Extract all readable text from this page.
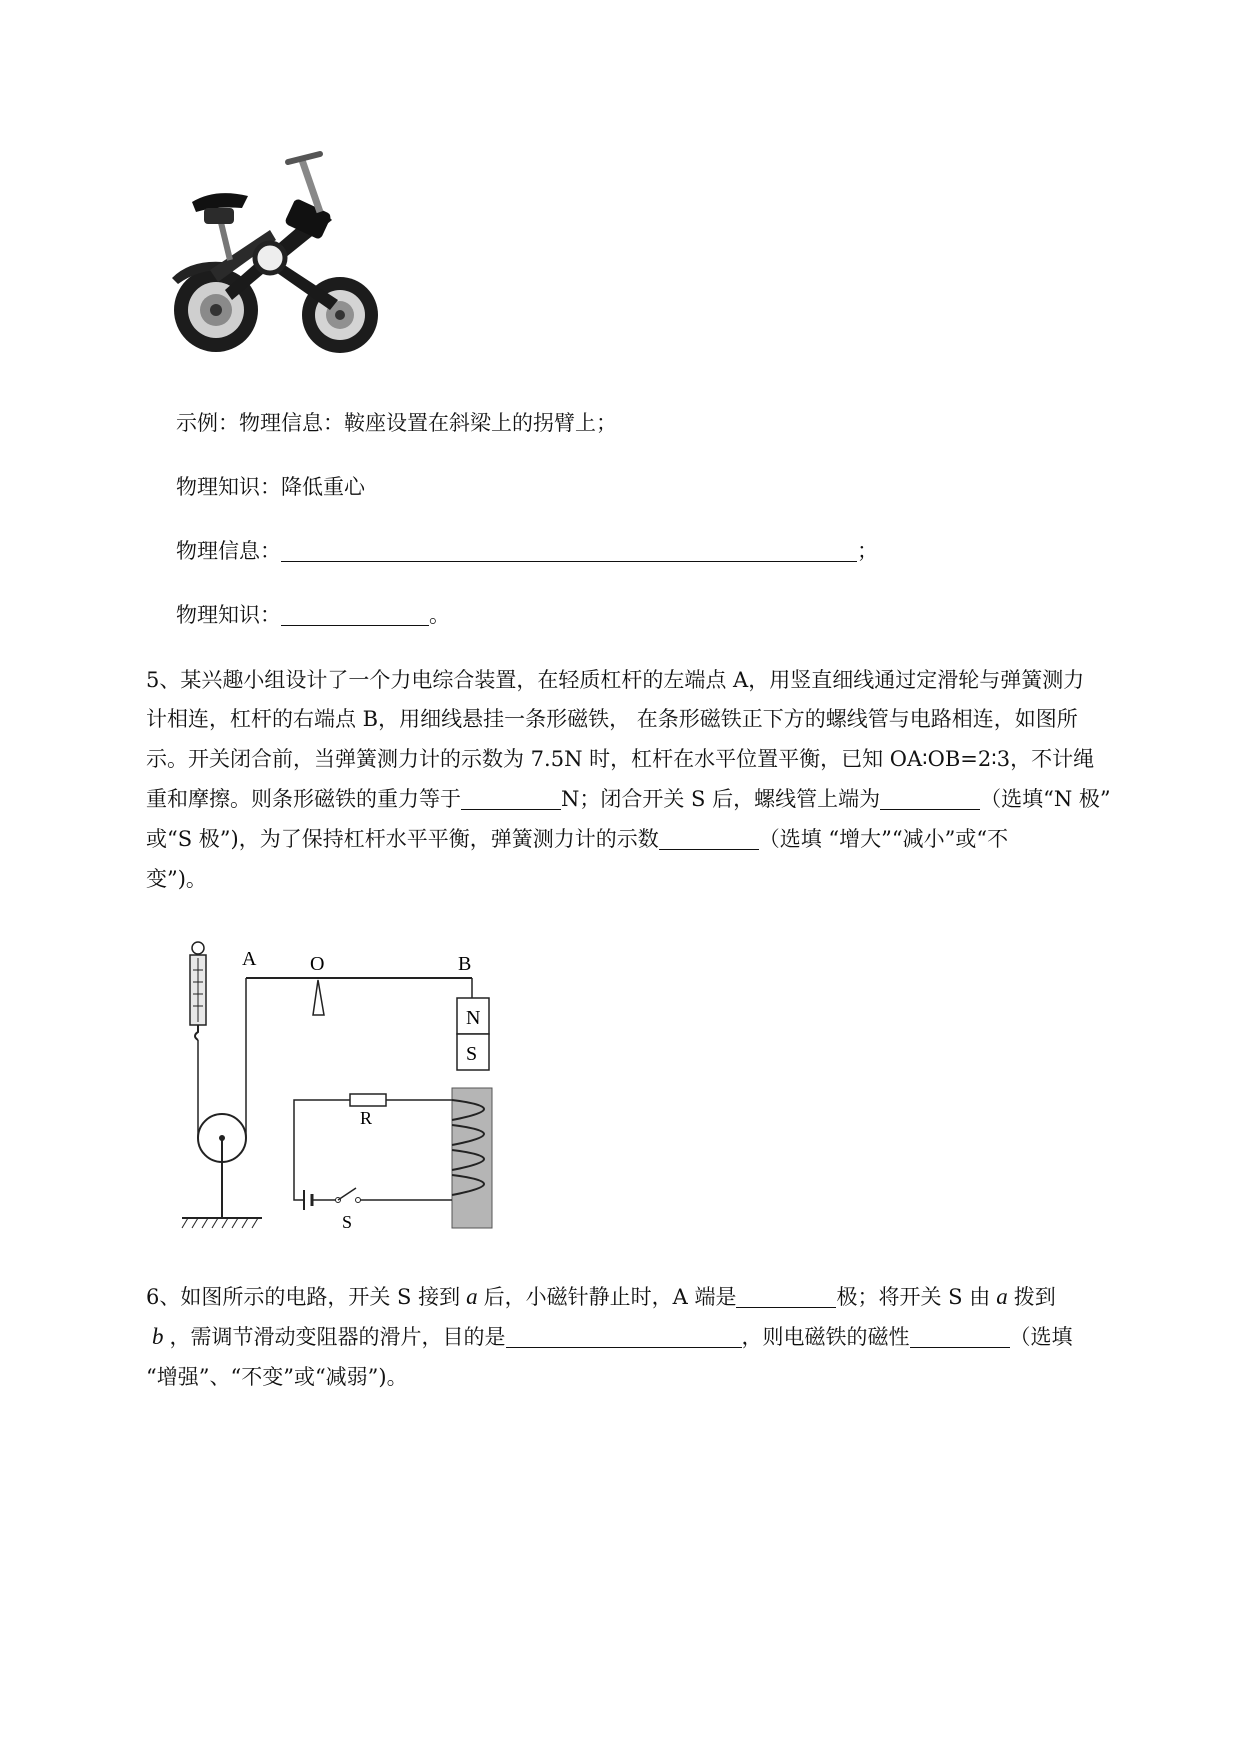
示例：物理信息：鞍座设置在斜梁上的拐臂上；
物理知识：降低重心
物理信息：	；
物理知识：	。
5、某兴趣小组设计了一个力电综合装置，在轻质杠杆的左端点 A，用竖直细线通过定滑轮与弹簧测力
计相连，杠杆的右端点 B，用细线悬挂一条形磁铁， 在条形磁铁正下方的螺线管与电路相连，如图所
示。开关闭合前，当弹簧测力计的示数为 7.5N 时，杠杆在水平位置平衡，已知 OA∶OB=2∶3，不计绳
重和摩擦。则条形磁铁的重力等于	N；闭合开关 S 后，螺线管上端为	（选填“N 极”
或“S 极”)，为了保持杠杆水平平衡，弹簧测力计的示数	（选填 “增大”“减小”或“不
变”)。
A	O	B
N
S
R
S
6、如图所示的电路，开关 S 接到 a 后，小磁针静止时，A 端是	极；将开关 S 由 a 拨到
b ，需调节滑动变阻器的滑片，目的是	，则电磁铁的磁性	（选填
“增强”、“不变”或“减弱”)。
